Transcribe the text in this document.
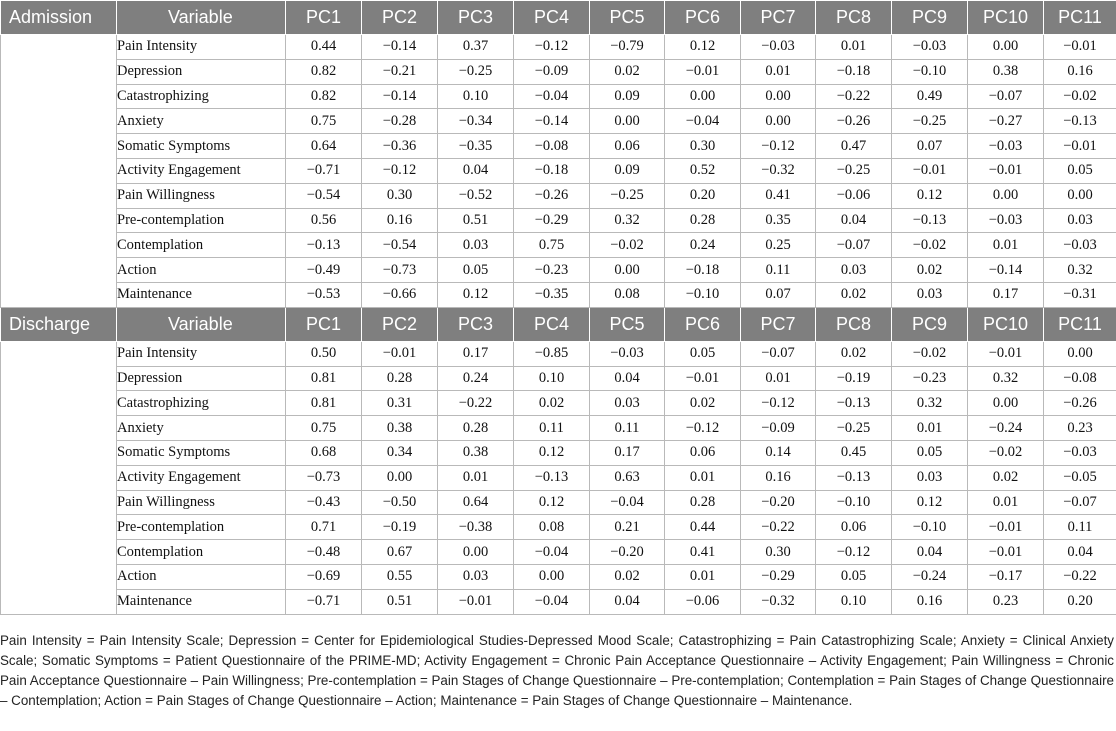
Admission	Variable	PC1	PC2	PC3	PC4	PC5	PC6	PC7	PC8	PC9	PC10	PC11
	Pain Intensity	0.44	−0.14	0.37	−0.12	−0.79	0.12	−0.03	0.01	−0.03	0.00	−0.01
	Depression	0.82	−0.21	−0.25	−0.09	0.02	−0.01	0.01	−0.18	−0.10	0.38	0.16
	Catastrophizing	0.82	−0.14	0.10	−0.04	0.09	0.00	0.00	−0.22	0.49	−0.07	−0.02
	Anxiety	0.75	−0.28	−0.34	−0.14	0.00	−0.04	0.00	−0.26	−0.25	−0.27	−0.13
	Somatic Symptoms	0.64	−0.36	−0.35	−0.08	0.06	0.30	−0.12	0.47	0.07	−0.03	−0.01
	Activity Engagement	−0.71	−0.12	0.04	−0.18	0.09	0.52	−0.32	−0.25	−0.01	−0.01	0.05
	Pain Willingness	−0.54	0.30	−0.52	−0.26	−0.25	0.20	0.41	−0.06	0.12	0.00	0.00
	Pre-contemplation	0.56	0.16	0.51	−0.29	0.32	0.28	0.35	0.04	−0.13	−0.03	0.03
	Contemplation	−0.13	−0.54	0.03	0.75	−0.02	0.24	0.25	−0.07	−0.02	0.01	−0.03
	Action	−0.49	−0.73	0.05	−0.23	0.00	−0.18	0.11	0.03	0.02	−0.14	0.32
	Maintenance	−0.53	−0.66	0.12	−0.35	0.08	−0.10	0.07	0.02	0.03	0.17	−0.31
Discharge	Variable	PC1	PC2	PC3	PC4	PC5	PC6	PC7	PC8	PC9	PC10	PC11
	Pain Intensity	0.50	−0.01	0.17	−0.85	−0.03	0.05	−0.07	0.02	−0.02	−0.01	0.00
	Depression	0.81	0.28	0.24	0.10	0.04	−0.01	0.01	−0.19	−0.23	0.32	−0.08
	Catastrophizing	0.81	0.31	−0.22	0.02	0.03	0.02	−0.12	−0.13	0.32	0.00	−0.26
	Anxiety	0.75	0.38	0.28	0.11	0.11	−0.12	−0.09	−0.25	0.01	−0.24	0.23
	Somatic Symptoms	0.68	0.34	0.38	0.12	0.17	0.06	0.14	0.45	0.05	−0.02	−0.03
	Activity Engagement	−0.73	0.00	0.01	−0.13	0.63	0.01	0.16	−0.13	0.03	0.02	−0.05
	Pain Willingness	−0.43	−0.50	0.64	0.12	−0.04	0.28	−0.20	−0.10	0.12	0.01	−0.07
	Pre-contemplation	0.71	−0.19	−0.38	0.08	0.21	0.44	−0.22	0.06	−0.10	−0.01	0.11
	Contemplation	−0.48	0.67	0.00	−0.04	−0.20	0.41	0.30	−0.12	0.04	−0.01	0.04
	Action	−0.69	0.55	0.03	0.00	0.02	0.01	−0.29	0.05	−0.24	−0.17	−0.22
	Maintenance	−0.71	0.51	−0.01	−0.04	0.04	−0.06	−0.32	0.10	0.16	0.23	0.20
Pain Intensity = Pain Intensity Scale; Depression = Center for Epidemiological Studies-Depressed Mood Scale; Catastrophizing = Pain Catastrophizing Scale; Anxiety = Clinical Anxiety Scale; Somatic Symptoms = Patient Questionnaire of the PRIME-MD; Activity Engagement = Chronic Pain Acceptance Questionnaire – Activity Engagement; Pain Willingness = Chronic Pain Acceptance Questionnaire – Pain Willingness; Pre-contemplation = Pain Stages of Change Questionnaire – Pre-contemplation; Contemplation = Pain Stages of Change Questionnaire – Contemplation; Action = Pain Stages of Change Questionnaire – Action; Maintenance = Pain Stages of Change Questionnaire – Maintenance.
